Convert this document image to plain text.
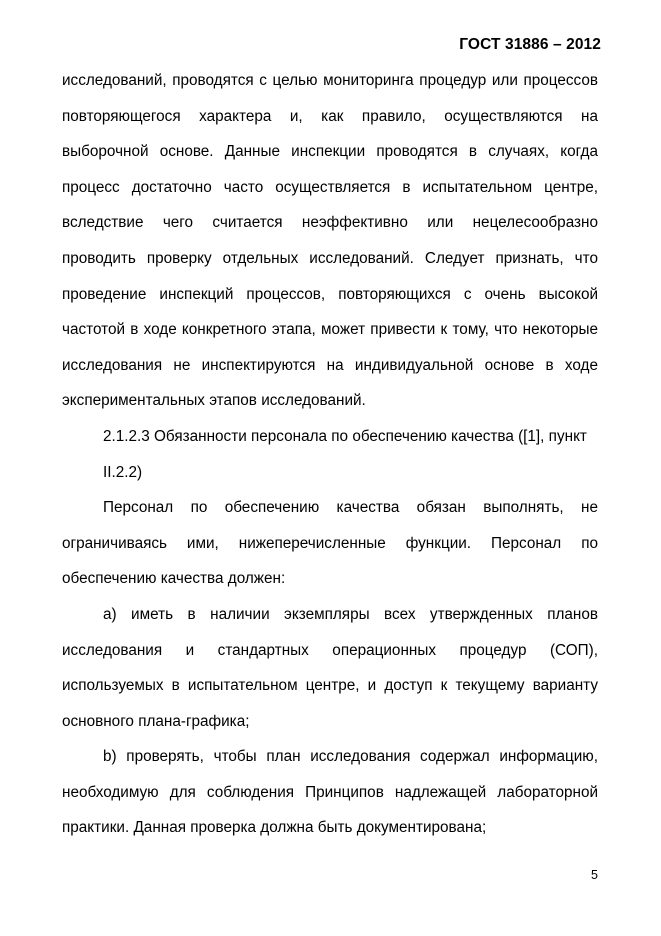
ГОСТ 31886 – 2012

исследований, проводятся с целью мониторинга процедур или процессов повторяющегося характера и, как правило, осуществляются на выборочной основе. Данные инспекции проводятся в случаях, когда процесс достаточно часто осуществляется в испытательном центре, вследствие чего считается неэффективно или нецелесообразно проводить проверку отдельных исследований. Следует признать, что проведение инспекций процессов, повторяющихся с очень высокой частотой в ходе конкретного этапа, может привести к тому, что некоторые исследования не инспектируются на индивидуальной основе в ходе экспериментальных этапов исследований.

2.1.2.3 Обязанности персонала по обеспечению качества ([1], пункт II.2.2)

Персонал по обеспечению качества обязан выполнять, не ограничиваясь ими, нижеперечисленные функции. Персонал по обеспечению качества должен:

а) иметь в наличии экземпляры всех утвержденных планов исследования и стандартных операционных процедур (СОП), используемых в испытательном центре, и доступ к текущему варианту основного плана-графика;

b) проверять, чтобы план исследования содержал информацию, необходимую для соблюдения Принципов надлежащей лабораторной практики. Данная проверка должна быть документирована;

5
